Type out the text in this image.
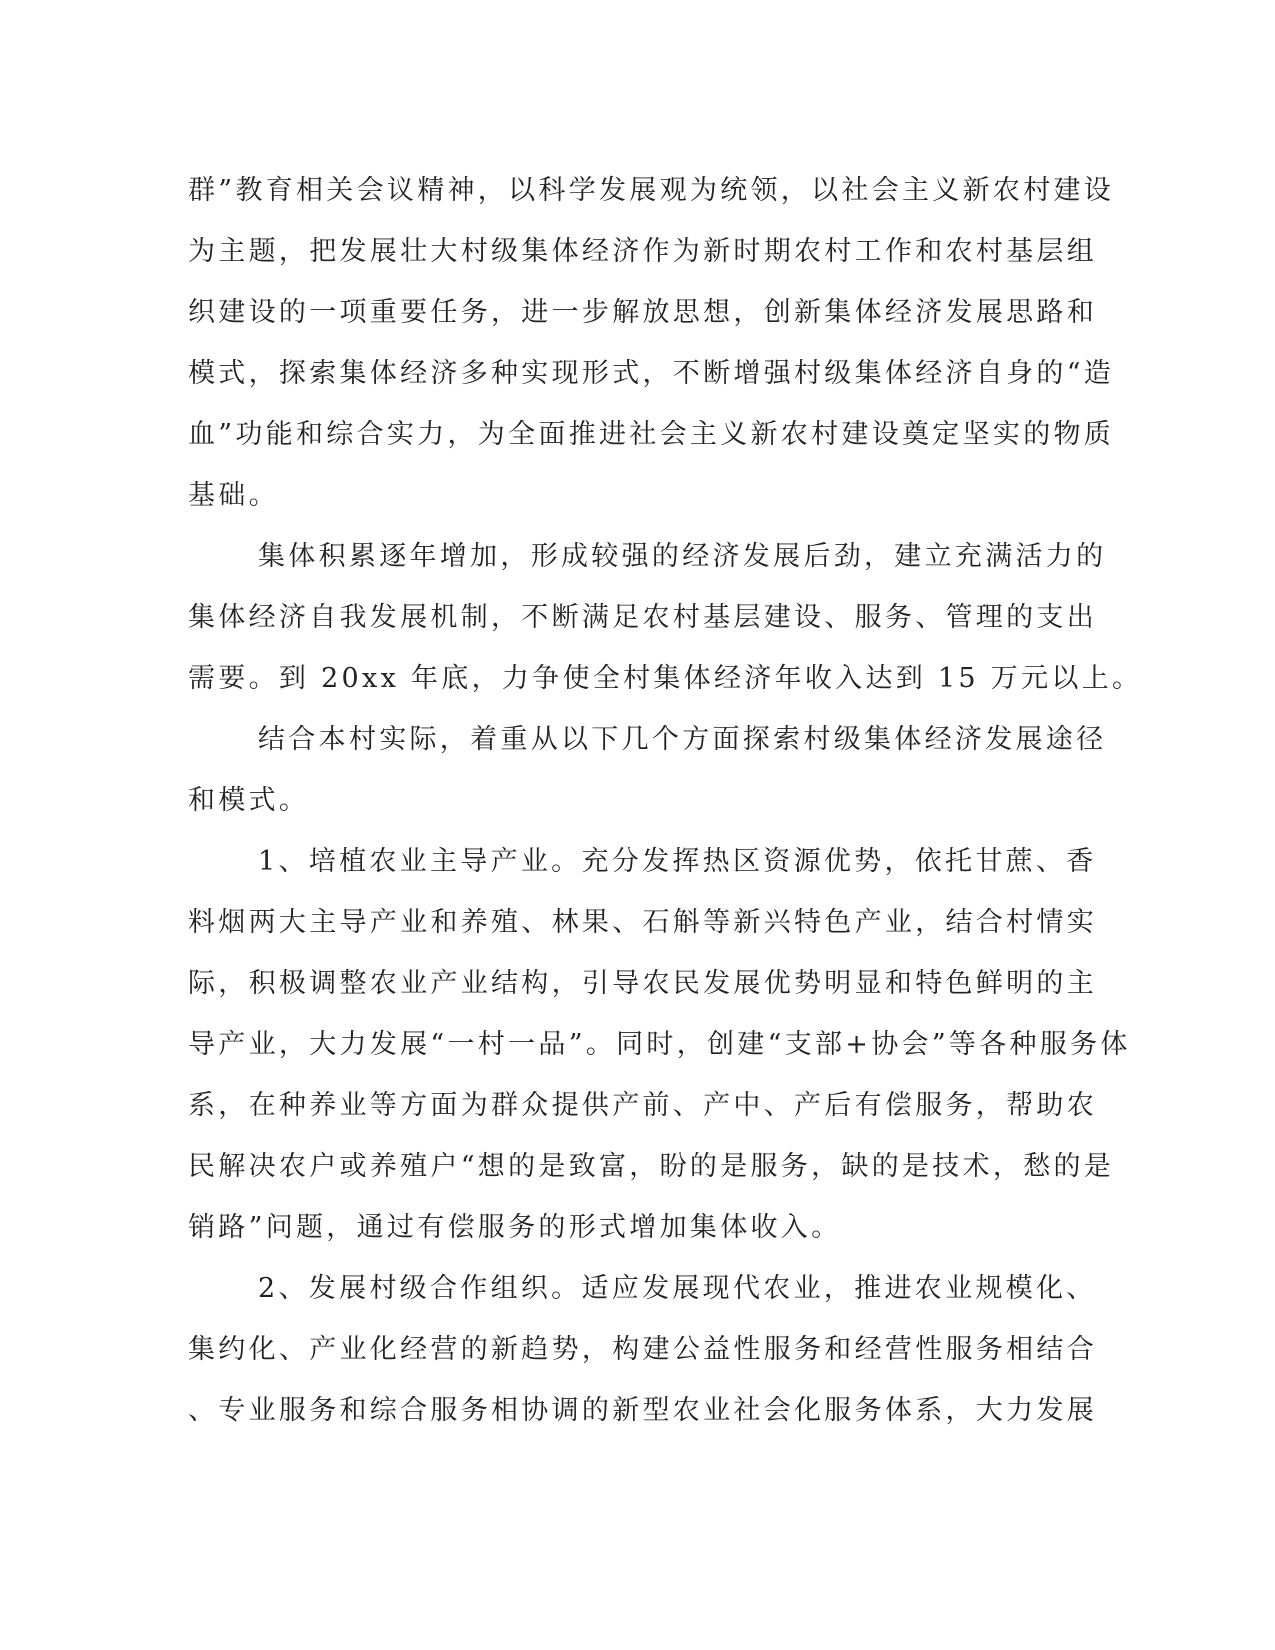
群”教育相关会议精神，以科学发展观为统领，以社会主义新农村建设
为主题，把发展壮大村级集体经济作为新时期农村工作和农村基层组
织建设的一项重要任务，进一步解放思想，创新集体经济发展思路和
模式，探索集体经济多种实现形式，不断增强村级集体经济自身的“造
血”功能和综合实力，为全面推进社会主义新农村建设奠定坚实的物质
基础。
集体积累逐年增加，形成较强的经济发展后劲，建立充满活力的
集体经济自我发展机制，不断满足农村基层建设、服务、管理的支出
需要。到 20xx 年底，力争使全村集体经济年收入达到 15 万元以上。
结合本村实际，着重从以下几个方面探索村级集体经济发展途径
和模式。
1、培植农业主导产业。充分发挥热区资源优势，依托甘蔗、香
料烟两大主导产业和养殖、林果、石斛等新兴特色产业，结合村情实
际，积极调整农业产业结构，引导农民发展优势明显和特色鲜明的主
导产业，大力发展“一村一品”。同时，创建“支部+协会”等各种服务体
系，在种养业等方面为群众提供产前、产中、产后有偿服务，帮助农
民解决农户或养殖户“想的是致富，盼的是服务，缺的是技术，愁的是
销路”问题，通过有偿服务的形式增加集体收入。
2、发展村级合作组织。适应发展现代农业，推进农业规模化、
集约化、产业化经营的新趋势，构建公益性服务和经营性服务相结合
、专业服务和综合服务相协调的新型农业社会化服务体系，大力发展
